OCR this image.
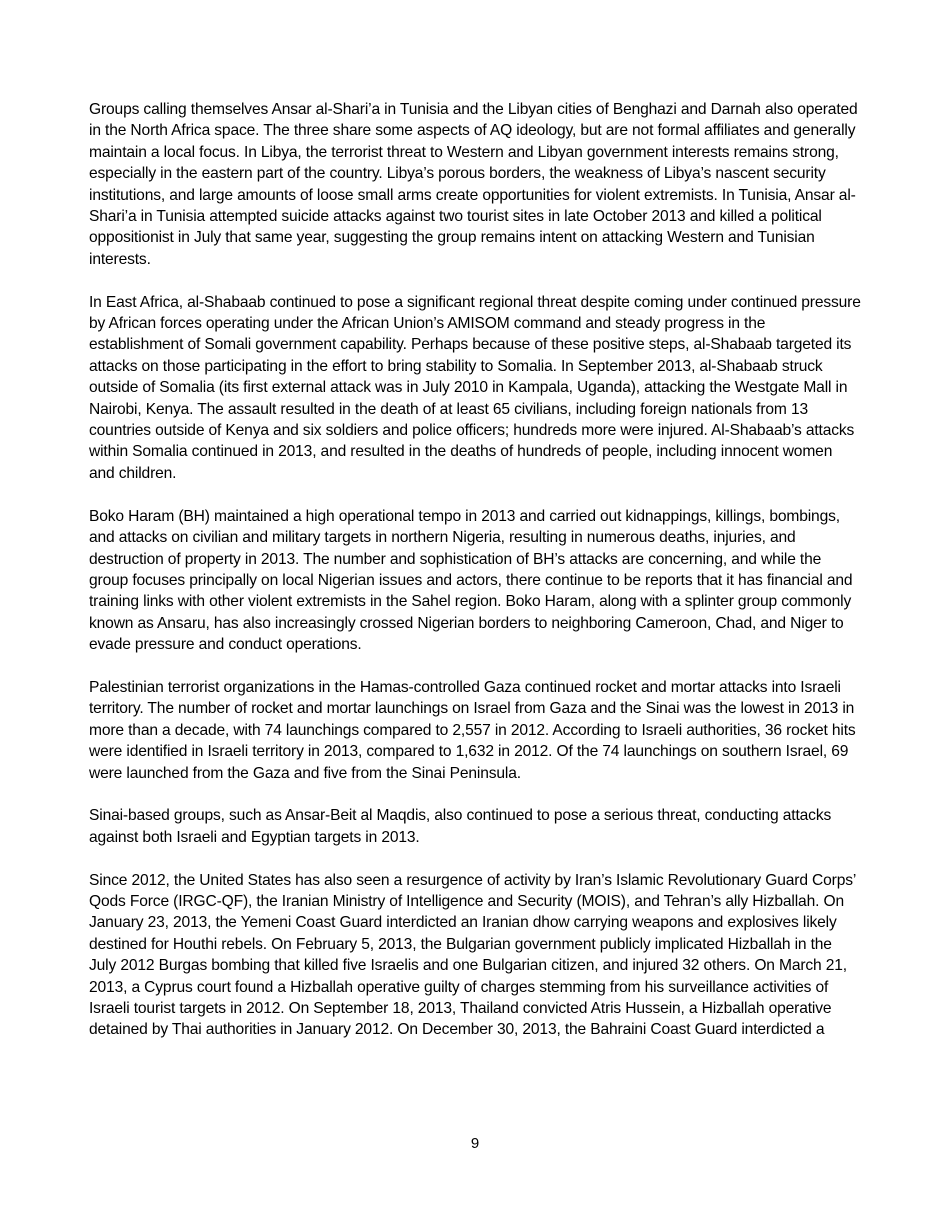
Groups calling themselves Ansar al-Shari’a in Tunisia and the Libyan cities of Benghazi and Darnah also operated in the North Africa space. The three share some aspects of AQ ideology, but are not formal affiliates and generally maintain a local focus. In Libya, the terrorist threat to Western and Libyan government interests remains strong, especially in the eastern part of the country. Libya’s porous borders, the weakness of Libya’s nascent security institutions, and large amounts of loose small arms create opportunities for violent extremists. In Tunisia, Ansar al-Shari’a in Tunisia attempted suicide attacks against two tourist sites in late October 2013 and killed a political oppositionist in July that same year, suggesting the group remains intent on attacking Western and Tunisian interests.

In East Africa, al-Shabaab continued to pose a significant regional threat despite coming under continued pressure by African forces operating under the African Union’s AMISOM command and steady progress in the establishment of Somali government capability. Perhaps because of these positive steps, al-Shabaab targeted its attacks on those participating in the effort to bring stability to Somalia. In September 2013, al-Shabaab struck outside of Somalia (its first external attack was in July 2010 in Kampala, Uganda), attacking the Westgate Mall in Nairobi, Kenya. The assault resulted in the death of at least 65 civilians, including foreign nationals from 13 countries outside of Kenya and six soldiers and police officers; hundreds more were injured. Al-Shabaab’s attacks within Somalia continued in 2013, and resulted in the deaths of hundreds of people, including innocent women and children.

Boko Haram (BH) maintained a high operational tempo in 2013 and carried out kidnappings, killings, bombings, and attacks on civilian and military targets in northern Nigeria, resulting in numerous deaths, injuries, and destruction of property in 2013. The number and sophistication of BH’s attacks are concerning, and while the group focuses principally on local Nigerian issues and actors, there continue to be reports that it has financial and training links with other violent extremists in the Sahel region. Boko Haram, along with a splinter group commonly known as Ansaru, has also increasingly crossed Nigerian borders to neighboring Cameroon, Chad, and Niger to evade pressure and conduct operations.

Palestinian terrorist organizations in the Hamas-controlled Gaza continued rocket and mortar attacks into Israeli territory. The number of rocket and mortar launchings on Israel from Gaza and the Sinai was the lowest in 2013 in more than a decade, with 74 launchings compared to 2,557 in 2012. According to Israeli authorities, 36 rocket hits were identified in Israeli territory in 2013, compared to 1,632 in 2012. Of the 74 launchings on southern Israel, 69 were launched from the Gaza and five from the Sinai Peninsula.

Sinai-based groups, such as Ansar-Beit al Maqdis, also continued to pose a serious threat, conducting attacks against both Israeli and Egyptian targets in 2013.

Since 2012, the United States has also seen a resurgence of activity by Iran’s Islamic Revolutionary Guard Corps’ Qods Force (IRGC-QF), the Iranian Ministry of Intelligence and Security (MOIS), and Tehran’s ally Hizballah. On January 23, 2013, the Yemeni Coast Guard interdicted an Iranian dhow carrying weapons and explosives likely destined for Houthi rebels. On February 5, 2013, the Bulgarian government publicly implicated Hizballah in the July 2012 Burgas bombing that killed five Israelis and one Bulgarian citizen, and injured 32 others. On March 21, 2013, a Cyprus court found a Hizballah operative guilty of charges stemming from his surveillance activities of Israeli tourist targets in 2012. On September 18, 2013, Thailand convicted Atris Hussein, a Hizballah operative detained by Thai authorities in January 2012. On December 30, 2013, the Bahraini Coast Guard interdicted a

9
